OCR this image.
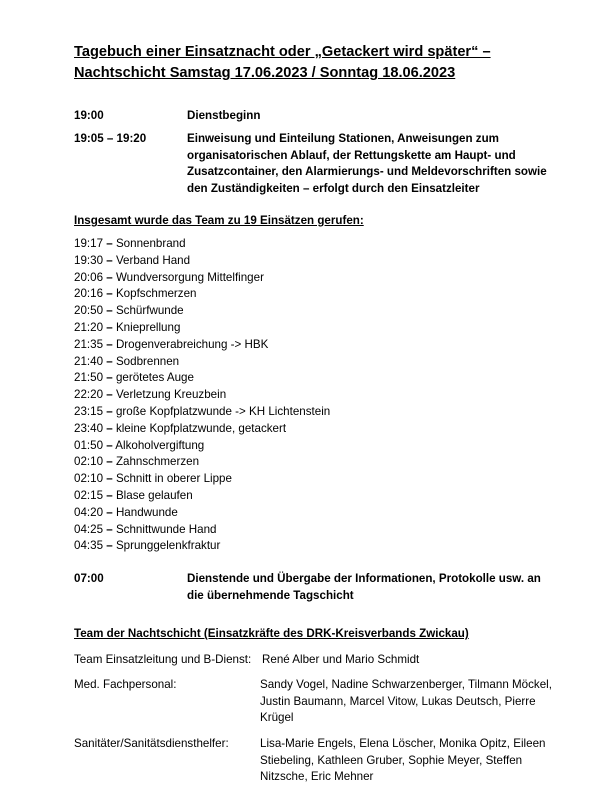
Tagebuch einer Einsatznacht oder „Getackert wird später“ –
Nachtschicht Samstag 17.06.2023 / Sonntag 18.06.2023
19:00	Dienstbeginn
19:05 – 19:20	Einweisung und Einteilung Stationen, Anweisungen zum organisatorischen Ablauf, der Rettungskette am Haupt- und Zusatzcontainer, den Alarmierungs- und Meldevorschriften sowie den Zuständigkeiten – erfolgt durch den Einsatzleiter
Insgesamt wurde das Team zu 19 Einsätzen gerufen:
19:17 – Sonnenbrand
19:30 – Verband Hand
20:06 – Wundversorgung Mittelfinger
20:16 – Kopfschmerzen
20:50 – Schürfwunde
21:20 – Knieprellung
21:35 – Drogenverabreichung -> HBK
21:40 – Sodbrennen
21:50 – gerötetes Auge
22:20 – Verletzung Kreuzbein
23:15 – große Kopfplatzwunde -> KH Lichtenstein
23:40 – kleine Kopfplatzwunde, getackert
01:50 – Alkoholvergiftung
02:10 – Zahnschmerzen
02:10 – Schnitt in oberer Lippe
02:15 – Blase gelaufen
04:20 – Handwunde
04:25 – Schnittwunde Hand
04:35 – Sprunggelenkfraktur
07:00	Dienstende und Übergabe der Informationen, Protokolle usw. an die übernehmende Tagschicht
Team der Nachtschicht (Einsatzkräfte des DRK-Kreisverbands Zwickau)
Team Einsatzleitung und B-Dienst: René Alber und Mario Schmidt
Med. Fachpersonal:	Sandy Vogel, Nadine Schwarzenberger, Tilmann Möckel, Justin Baumann, Marcel Vitow, Lukas Deutsch, Pierre Krügel
Sanitäter/Sanitätsdiensthelfer:	Lisa-Marie Engels, Elena Löscher, Monika Opitz, Eileen Stiebeling, Kathleen Gruber, Sophie Meyer, Steffen Nitzsche, Eric Mehner
